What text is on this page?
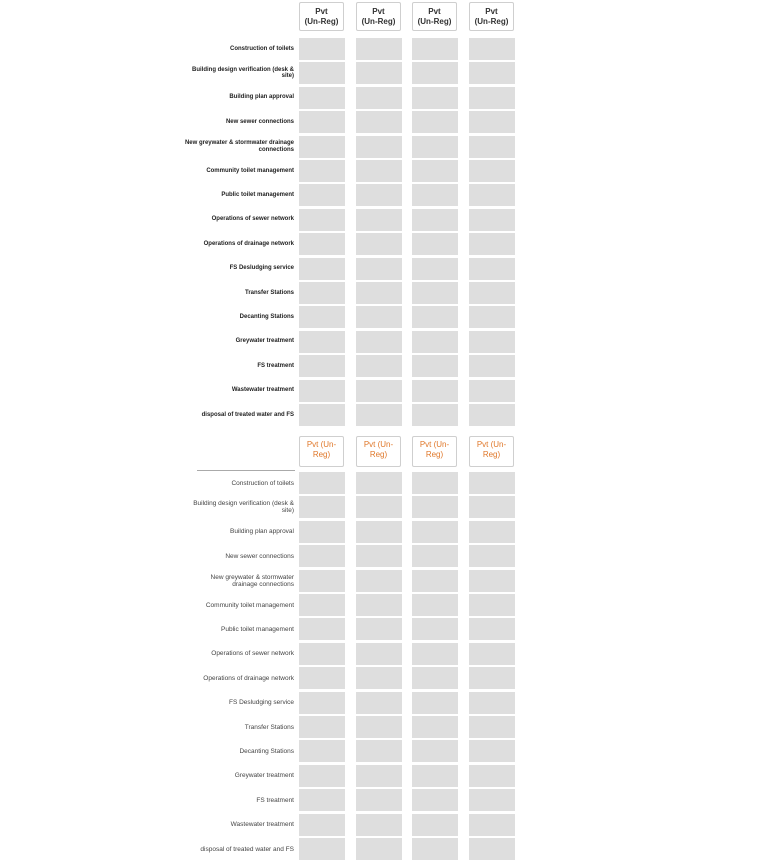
Pvt
(Un-Reg)
Pvt
(Un-Reg)
Pvt
(Un-Reg)
Pvt
(Un-Reg)
Construction of toilets
Building design verification (desk & site)
Building plan approval
New sewer connections
New greywater & stormwater drainage connections
Community toilet management
Public toilet management
Operations of sewer network
Operations of drainage network
FS Desludging service
Transfer Stations
Decanting Stations
Greywater treatment
FS treatment
Wastewater treatment
disposal of treated water and FS
Pvt (Un-Reg)
Pvt (Un-Reg)
Pvt (Un-Reg)
Pvt (Un-Reg)
Construction of toilets
Building design verification (desk & site)
Building plan approval
New sewer connections
New greywater & stormwater drainage connections
Community toilet management
Public toilet management
Operations of sewer network
Operations of drainage network
FS Desludging service
Transfer Stations
Decanting Stations
Greywater treatment
FS treatment
Wastewater treatment
disposal of treated water and FS
